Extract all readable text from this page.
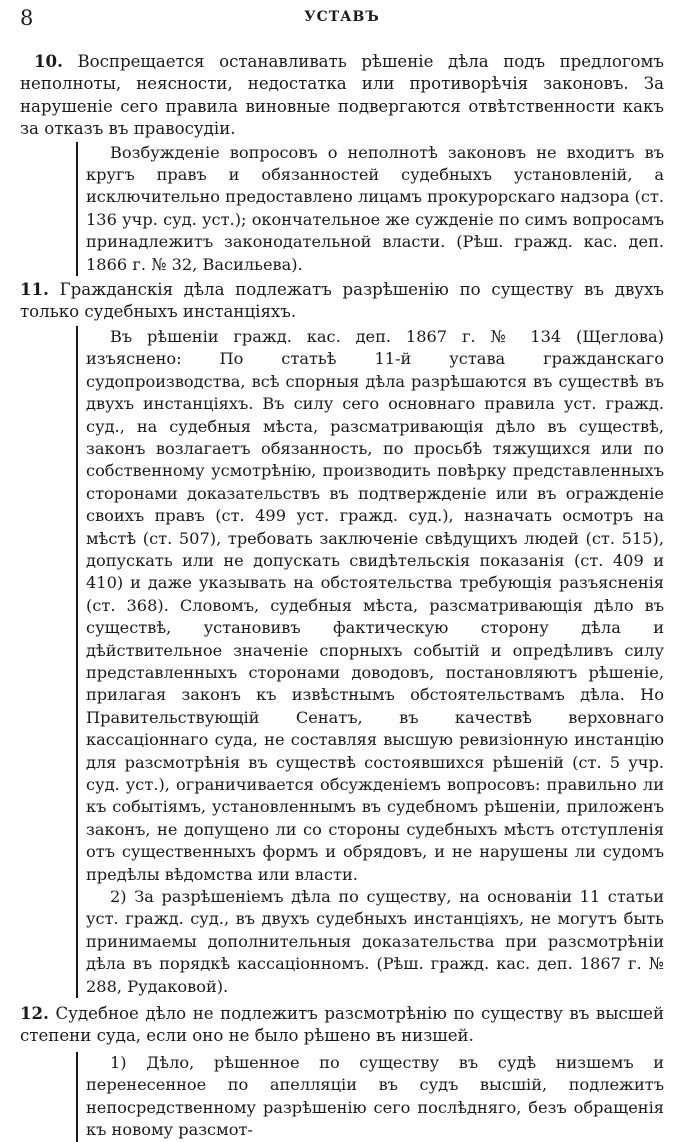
8	УСТАВЪ

10. Воспрещается останавливать рѣшеніе дѣла подъ предлогомъ неполноты, неясности, недостатка или противорѣчія законовъ. За нарушеніе сего правила виновные подвергаются отвѣтственности какъ за отказъ въ правосудіи.

Возбужденіе вопросовъ о неполнотѣ законовъ не входитъ въ кругъ правъ и обязанностей судебныхъ установленій, а исключительно предоставлено лицамъ прокурорскаго надзора (ст. 136 учр. суд. уст.); окончательное же сужденіе по симъ вопросамъ принадлежитъ законодательной власти. (Рѣш. гражд. кас. деп. 1866 г. № 32, Васильева).

11. Гражданскія дѣла подлежатъ разрѣшенію по существу въ двухъ только судебныхъ инстанціяхъ.

Въ рѣшеніи гражд. кас. деп. 1867 г. № 134 (Щеглова) изъяснено: По статьѣ 11-й устава гражданскаго судопроизводства, всѣ спорныя дѣла разрѣшаются въ существѣ въ двухъ инстанціяхъ. Въ силу сего основнаго правила уст. гражд. суд., на судебныя мѣста, разсматривающія дѣло въ существѣ, законъ возлагаетъ обязанность, по просьбѣ тяжущихся или по собственному усмотрѣнію, производить повѣрку представленныхъ сторонами доказательствъ въ подтвержденіе или въ огражденіе своихъ правъ (ст. 499 уст. гражд. суд.), назначать осмотръ на мѣстѣ (ст. 507), требовать заключеніе свѣдущихъ людей (ст. 515), допускать или не допускать свидѣтельскія показанія (ст. 409 и 410) и даже указывать на обстоятельства требующія разъясненія (ст. 368). Словомъ, судебныя мѣста, разсматривающія дѣло въ существѣ, установивъ фактическую сторону дѣла и дѣйствительное значеніе спорныхъ событій и опредѣливъ силу представленныхъ сторонами доводовъ, постановляютъ рѣшеніе, прилагая законъ къ извѣстнымъ обстоятельствамъ дѣла. Но Правительствующій Сенатъ, въ качествѣ верховнаго кассаціоннаго суда, не составляя высшую ревизіонную инстанцію для разсмотрѣнія въ существѣ состоявшихся рѣшеній (ст. 5 учр. суд. уст.), ограничивается обсужденіемъ вопросовъ: правильно ли къ событіямъ, установленнымъ въ судебномъ рѣшеніи, приложенъ законъ, не допущено ли со стороны судебныхъ мѣстъ отступленія отъ существенныхъ формъ и обрядовъ, и не нарушены ли судомъ предѣлы вѣдомства или власти.

2) За разрѣшеніемъ дѣла по существу, на основаніи 11 статьи уст. гражд. суд., въ двухъ судебныхъ инстанціяхъ, не могутъ быть принимаемы дополнительныя доказательства при разсмотрѣніи дѣла въ порядкѣ кассаціонномъ. (Рѣш. гражд. кас. деп. 1867 г. № 288, Рудаковой).

12. Судебное дѣло не подлежитъ разсмотрѣнію по существу въ высшей степени суда, если оно не было рѣшено въ низшей.

1) Дѣло, рѣшенное по существу въ судѣ низшемъ и перенесенное по апелляціи въ судъ высшій, подлежитъ непосредственному разрѣшенію сего послѣдняго, безъ обращенія къ новому разсмот-
